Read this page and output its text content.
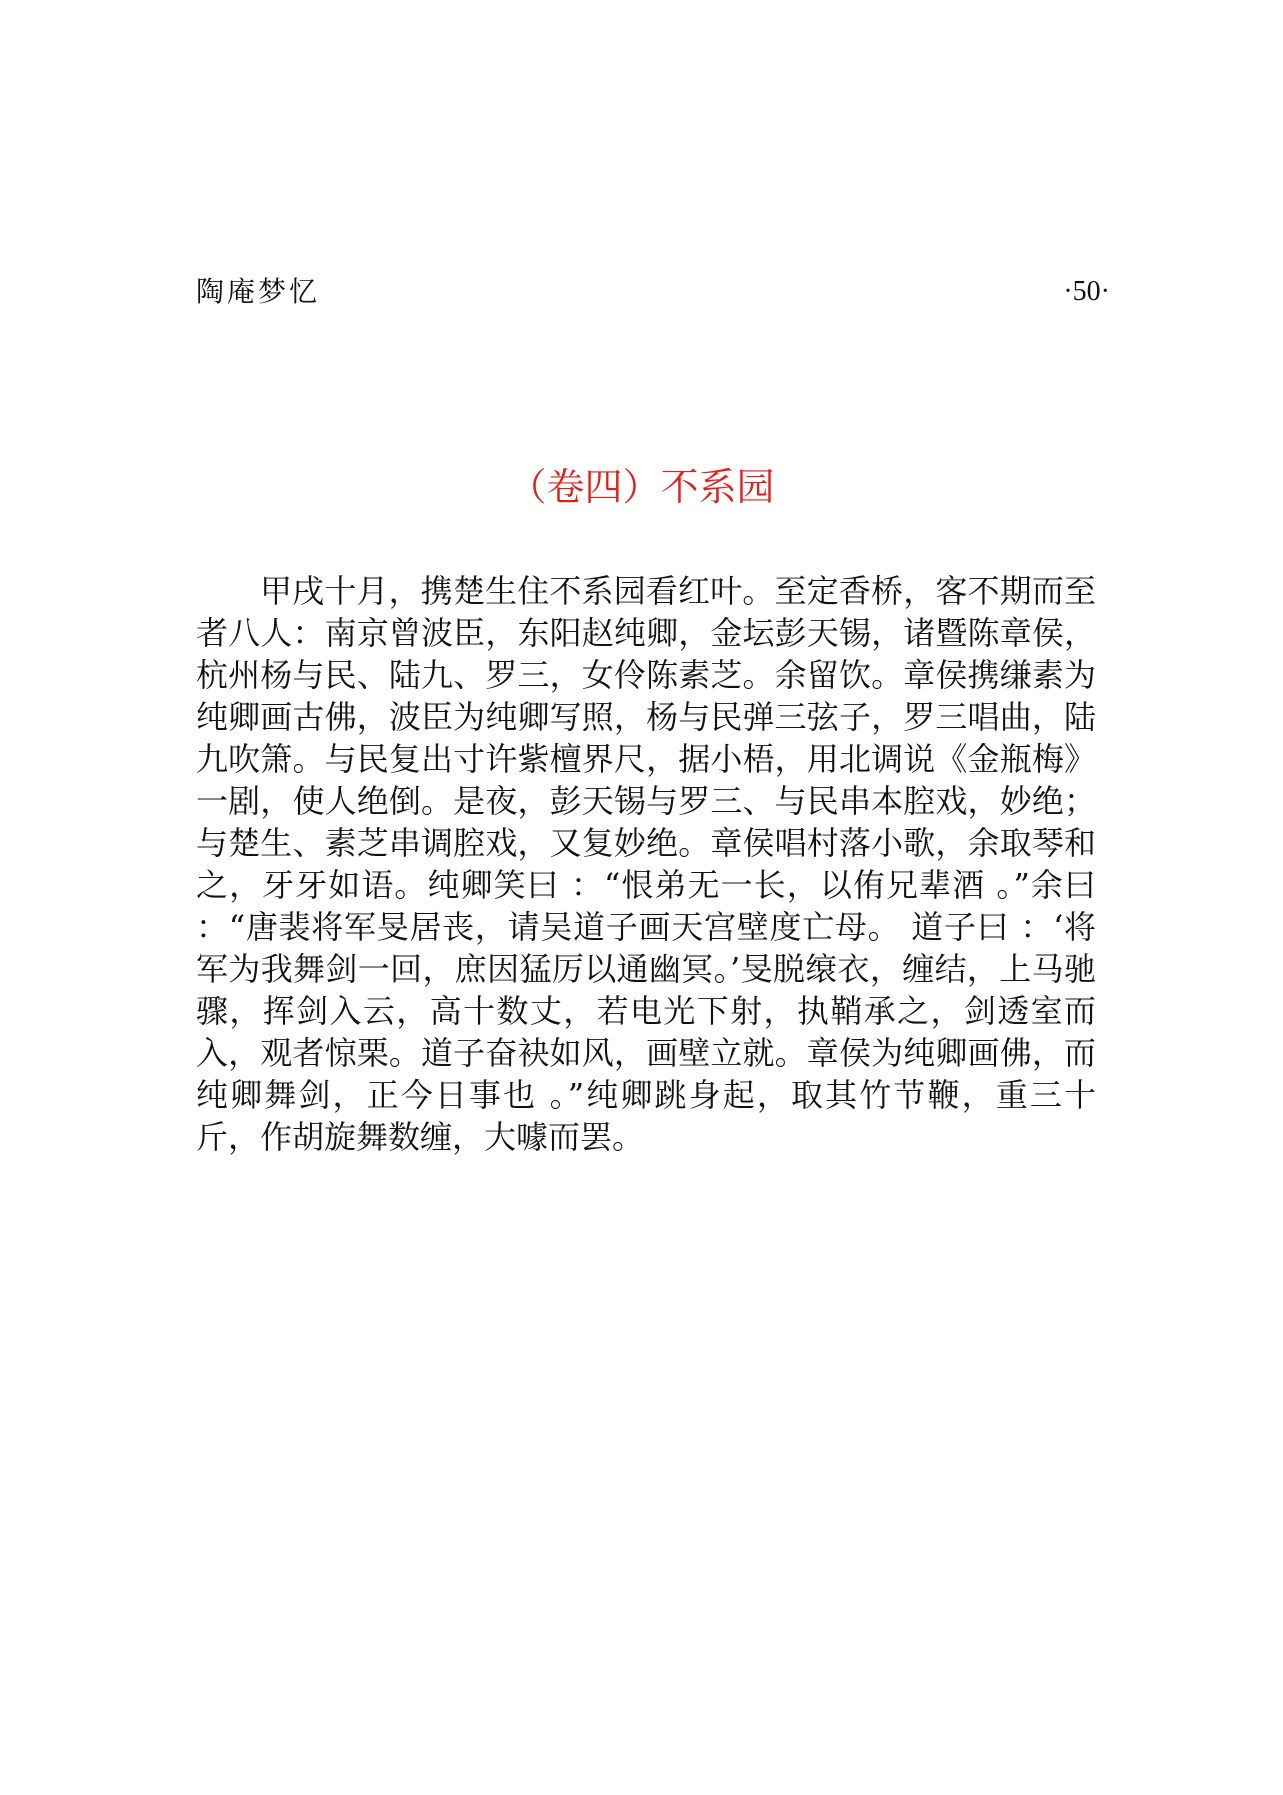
陶庵梦忆	·50·
（卷四）不系园

甲戌十月，携楚生住不系园看红叶。至定香桥，客不期而至者八人：南京曾波臣，东阳赵纯卿，金坛彭天锡，诸暨陈章侯，杭州杨与民、陆九、罗三，女伶陈素芝。余留饮。章侯携缣素为纯卿画古佛，波臣为纯卿写照，杨与民弹三弦子，罗三唱曲，陆九吹箫。与民复出寸许紫檀界尺，据小梧，用北调说《金瓶梅》一剧，使人绝倒。是夜，彭天锡与罗三、与民串本腔戏，妙绝；与楚生、素芝串调腔戏，又复妙绝。章侯唱村落小歌，余取琴和之，牙牙如语。纯卿笑曰 ：“恨弟无一长，以侑兄辈酒 。”余曰 ：“唐裴将军旻居丧，请吴道子画天宫壁度亡母。 道子曰 ：‘将军为我舞剑一回，庶因猛厉以通幽冥。’旻脱缞衣，缠结，上马驰骤，挥剑入云，高十数丈，若电光下射，执鞘承之，剑透室而入，观者惊栗。道子奋袂如风，画壁立就。章侯为纯卿画佛，而纯卿舞剑，正今日事也 。”纯卿跳身起，取其竹节鞭，重三十斤，作胡旋舞数缠，大噱而罢。
